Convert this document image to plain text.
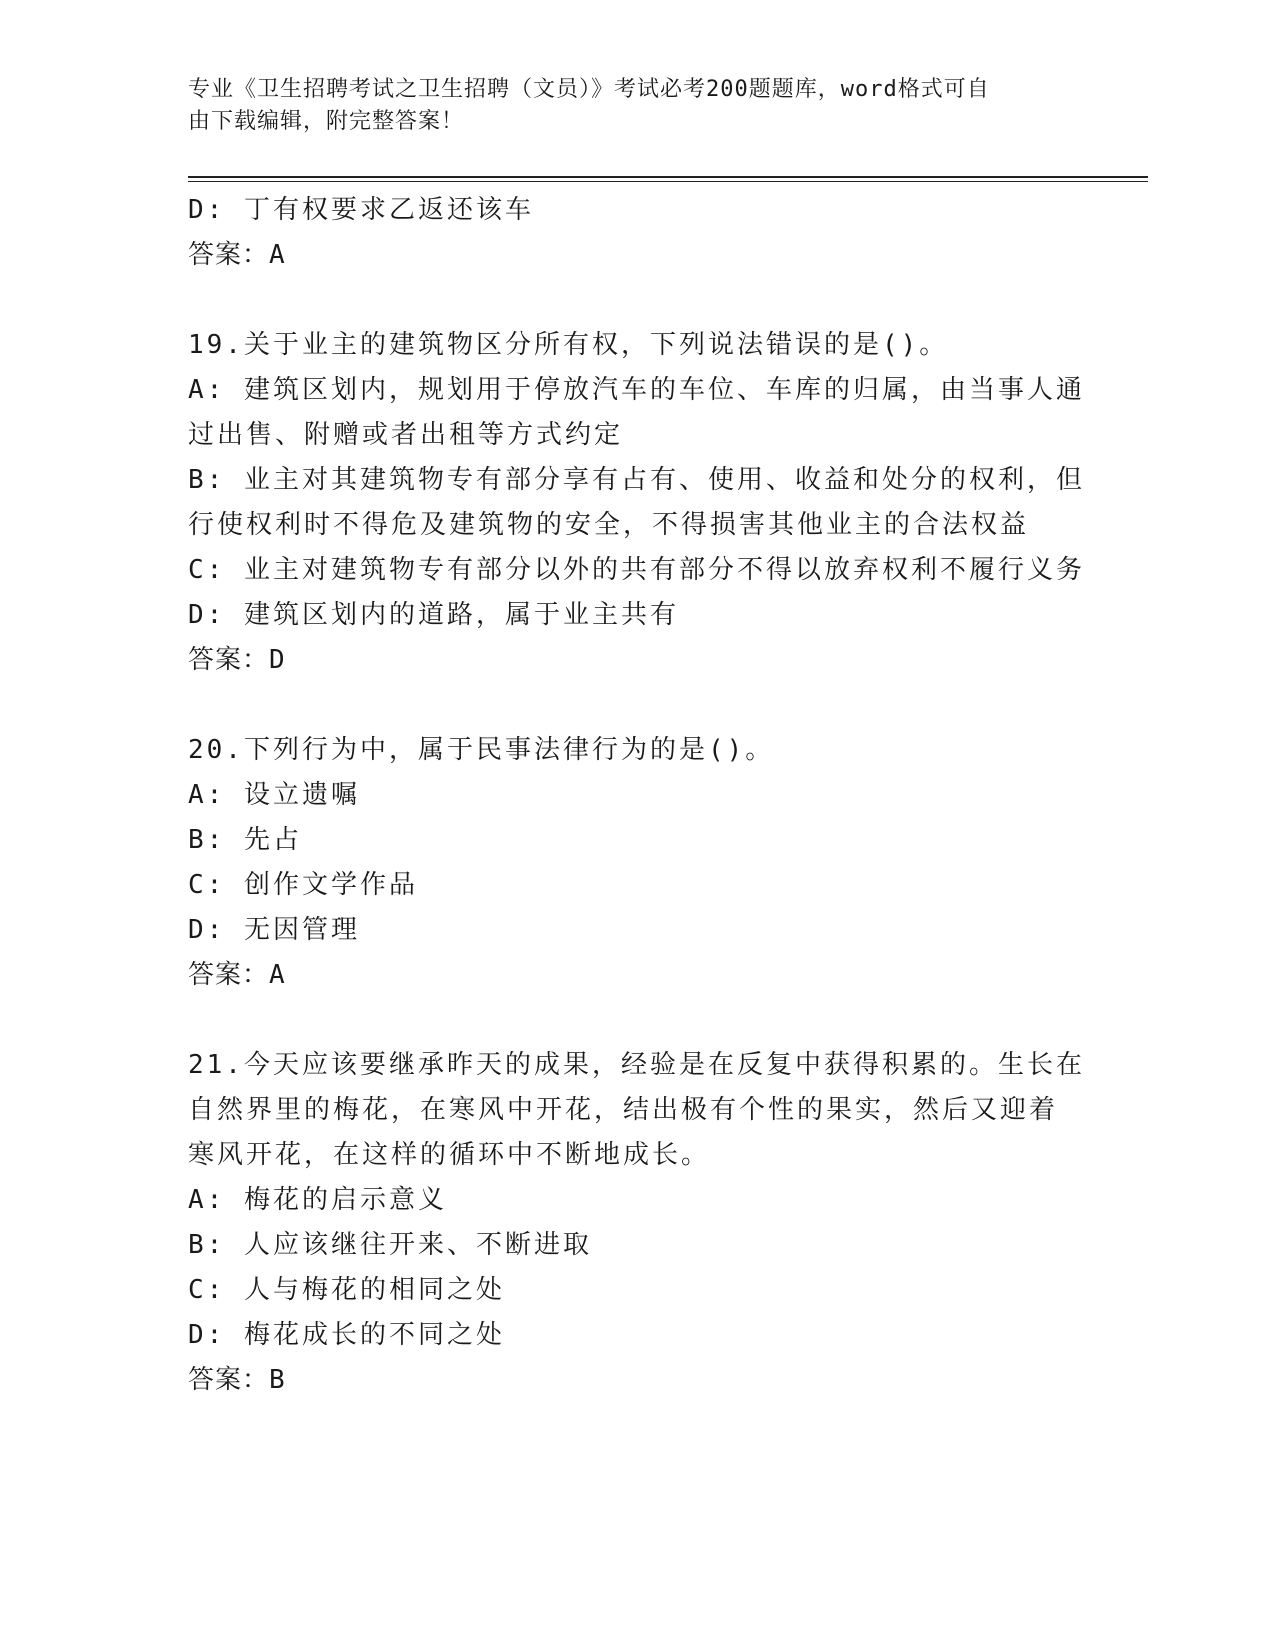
专业《卫生招聘考试之卫生招聘（文员）》考试必考200题题库，word格式可自
由下载编辑，附完整答案！
D: 丁有权要求乙返还该车
答案：A
19.关于业主的建筑物区分所有权，下列说法错误的是()。
A: 建筑区划内，规划用于停放汽车的车位、车库的归属，由当事人通
过出售、附赠或者出租等方式约定
B: 业主对其建筑物专有部分享有占有、使用、收益和处分的权利，但
行使权利时不得危及建筑物的安全，不得损害其他业主的合法权益
C: 业主对建筑物专有部分以外的共有部分不得以放弃权利不履行义务
D: 建筑区划内的道路，属于业主共有
答案：D
20.下列行为中，属于民事法律行为的是()。
A: 设立遗嘱
B: 先占
C: 创作文学作品
D: 无因管理
答案：A
21.今天应该要继承昨天的成果，经验是在反复中获得积累的。生长在
自然界里的梅花，在寒风中开花，结出极有个性的果实，然后又迎着
寒风开花，在这样的循环中不断地成长。
A: 梅花的启示意义
B: 人应该继往开来、不断进取
C: 人与梅花的相同之处
D: 梅花成长的不同之处
答案：B
